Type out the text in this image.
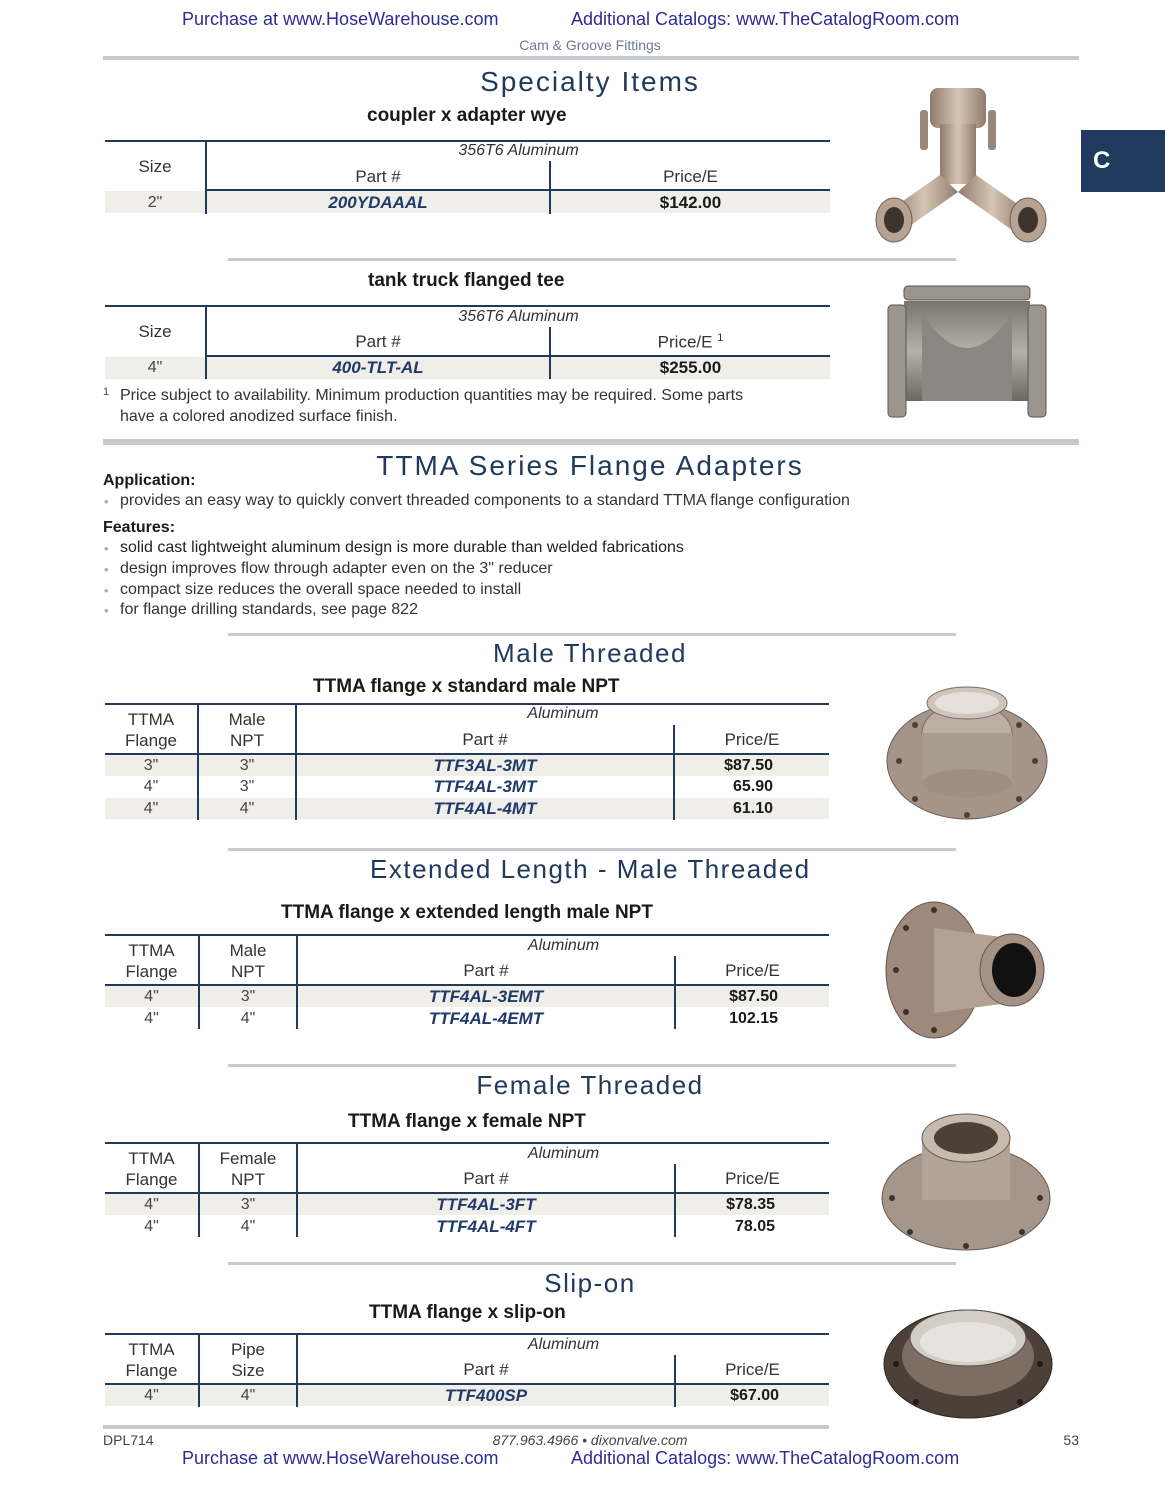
Purchase at www.HoseWarehouse.com	Additional Catalogs: www.TheCatalogRoom.com
Cam & Groove Fittings
C
Specialty Items
coupler x adapter wye
Size
356T6 Aluminum
Part #	Price/E
2"	200YDAAAL	$142.00
tank truck flanged tee
Size
356T6 Aluminum
Part #	Price/E $^1$
4"	400-TLT-AL	$255.00
1 Price subject to availability. Minimum production quantities may be required. Some parts
have a colored anodized surface finish.
TTMA Series Flange Adapters
Application:
• provides an easy way to quickly convert threaded components to a standard TTMA flange configuration
Features:
• solid cast lightweight aluminum design is more durable than welded fabrications
• design improves flow through adapter even on the 3" reducer
• compact size reduces the overall space needed to install
• for flange drilling standards, see page 822
Male Threaded
TTMA flange x standard male NPT
TTMA
Flange
Male
NPT
Aluminum
Part #	Price/E
3"	3"	TTF3AL-3MT	$87.50
4"	3"	TTF4AL-3MT	65.90
4"	4"	TTF4AL-4MT	61.10
Extended Length - Male Threaded
TTMA flange x extended length male NPT
TTMA
Flange
Male
NPT
Aluminum
Part #	Price/E
4"	3"	TTF4AL-3EMT	$87.50
4"	4"	TTF4AL-4EMT	102.15
Female Threaded
TTMA flange x female NPT
TTMA
Flange
Female
NPT
Aluminum
Part #	Price/E
4"	3"	TTF4AL-3FT	$78.35
4"	4"	TTF4AL-4FT	78.05
Slip-on
TTMA flange x slip-on
TTMA
Flange
Pipe
Size
Aluminum
Part #	Price/E
4"	4"	TTF400SP	$67.00
DPL714	877.963.4966 • dixonvalve.com	53
Purchase at www.HoseWarehouse.com	Additional Catalogs: www.TheCatalogRoom.com
